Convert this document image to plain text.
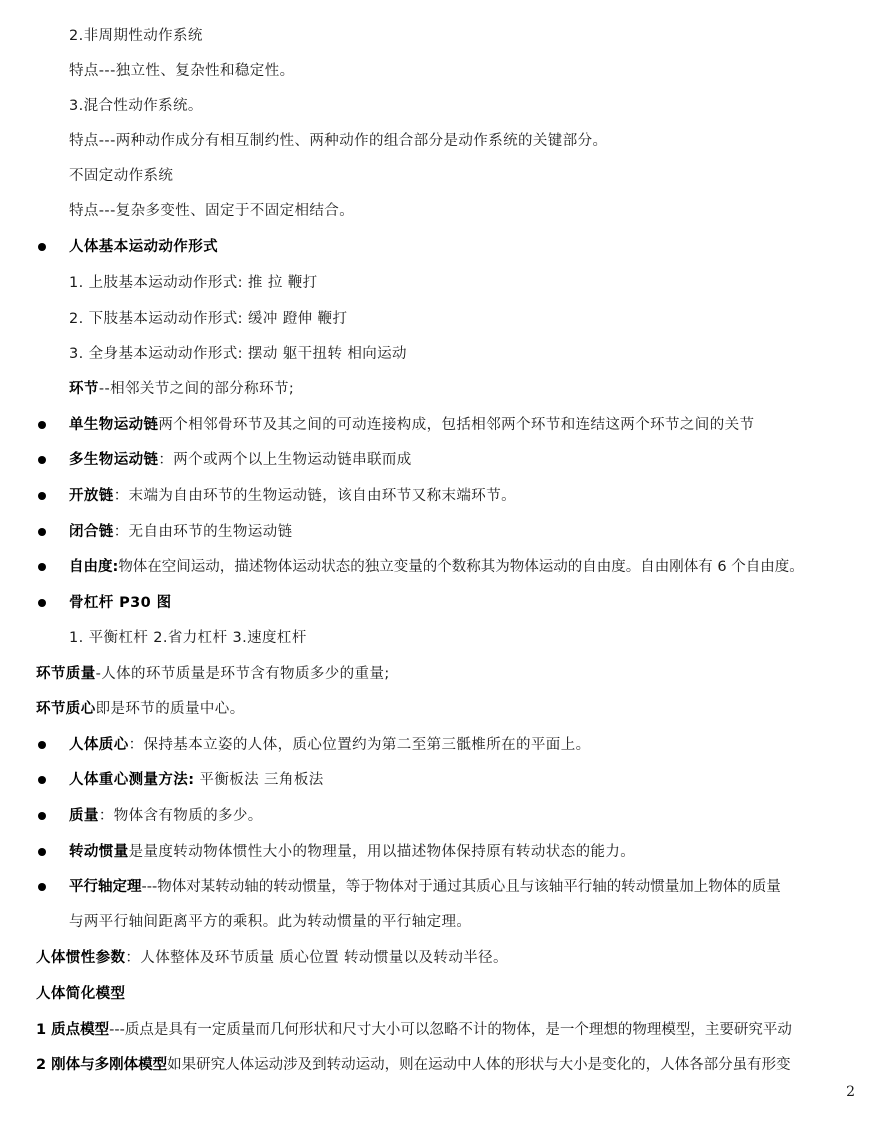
2.非周期性动作系统
特点---独立性、复杂性和稳定性。
3.混合性动作系统。
特点---两种动作成分有相互制约性、两种动作的组合部分是动作系统的关键部分。
不固定动作系统
特点---复杂多变性、固定于不固定相结合。
人体基本运动动作形式
1. 上肢基本运动动作形式: 推 拉 鞭打
2. 下肢基本运动动作形式: 缓冲 蹬伸 鞭打
3. 全身基本运动动作形式: 摆动 躯干扭转 相向运动
环节--相邻关节之间的部分称环节;
单生物运动链两个相邻骨环节及其之间的可动连接构成，包括相邻两个环节和连结这两个环节之间的关节
多生物运动链：两个或两个以上生物运动链串联而成
开放链：末端为自由环节的生物运动链，该自由环节又称末端环节。
闭合链：无自由环节的生物运动链
自由度:物体在空间运动，描述物体运动状态的独立变量的个数称其为物体运动的自由度。自由刚体有 6 个自由度。
骨杠杆 P30 图
1. 平衡杠杆 2.省力杠杆 3.速度杠杆
环节质量-人体的环节质量是环节含有物质多少的重量;
环节质心即是环节的质量中心。
人体质心：保持基本立姿的人体，质心位置约为第二至第三骶椎所在的平面上。
人体重心测量方法: 平衡板法 三角板法
质量：物体含有物质的多少。
转动惯量是量度转动物体惯性大小的物理量，用以描述物体保持原有转动状态的能力。
平行轴定理---物体对某转动轴的转动惯量，等于物体对于通过其质心且与该轴平行轴的转动惯量加上物体的质量
与两平行轴间距离平方的乘积。此为转动惯量的平行轴定理。
人体惯性参数：人体整体及环节质量 质心位置 转动惯量以及转动半径。
人体简化模型
1 质点模型---质点是具有一定质量而几何形状和尺寸大小可以忽略不计的物体，是一个理想的物理模型，主要研究平动
2 刚体与多刚体模型如果研究人体运动涉及到转动运动，则在运动中人体的形状与大小是变化的，人体各部分虽有形变
2
